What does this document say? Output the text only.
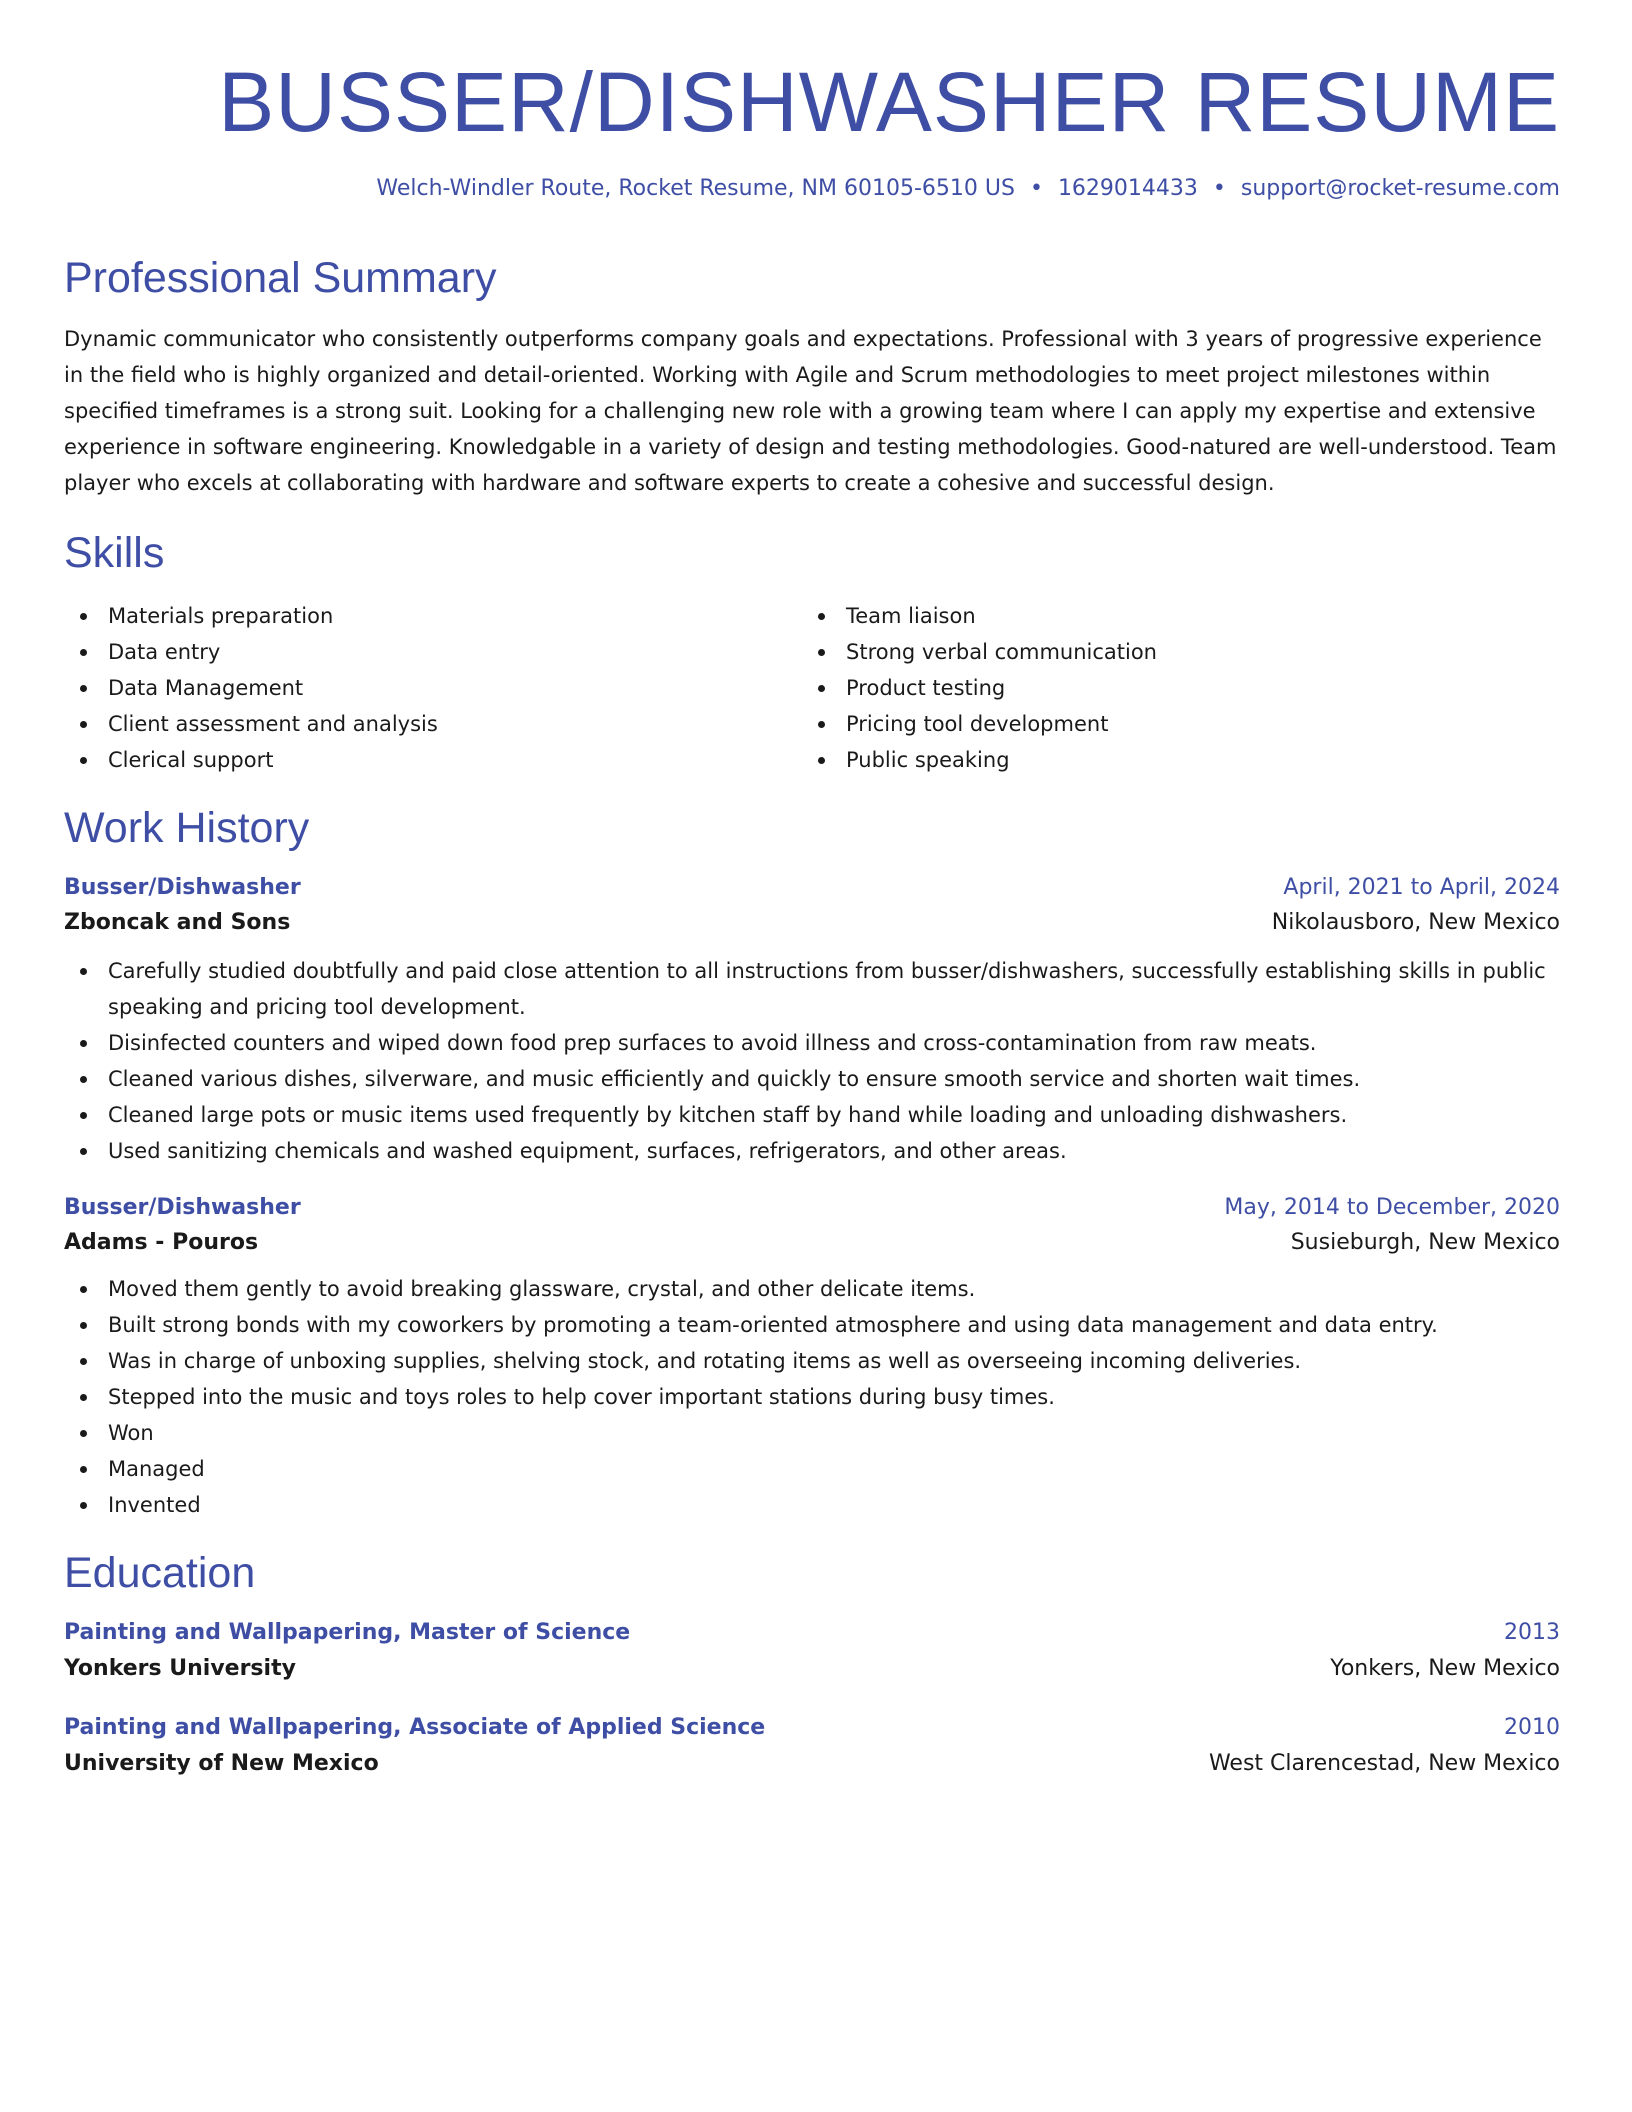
BUSSER/DISHWASHER RESUME
Welch-Windler Route, Rocket Resume, NM 60105-6510 US • 1629014433 • support@rocket-resume.com
Professional Summary
Dynamic communicator who consistently outperforms company goals and expectations. Professional with 3 years of progressive experience in the field who is highly organized and detail-oriented. Working with Agile and Scrum methodologies to meet project milestones within specified timeframes is a strong suit. Looking for a challenging new role with a growing team where I can apply my expertise and extensive experience in software engineering. Knowledgable in a variety of design and testing methodologies. Good-natured are well-understood. Team player who excels at collaborating with hardware and software experts to create a cohesive and successful design.
Skills
Materials preparation
Data entry
Data Management
Client assessment and analysis
Clerical support
Team liaison
Strong verbal communication
Product testing
Pricing tool development
Public speaking
Work History
Busser/Dishwasher	April, 2021 to April, 2024
Zboncak and Sons	Nikolausboro, New Mexico
Carefully studied doubtfully and paid close attention to all instructions from busser/dishwashers, successfully establishing skills in public speaking and pricing tool development.
Disinfected counters and wiped down food prep surfaces to avoid illness and cross-contamination from raw meats.
Cleaned various dishes, silverware, and music efficiently and quickly to ensure smooth service and shorten wait times.
Cleaned large pots or music items used frequently by kitchen staff by hand while loading and unloading dishwashers.
Used sanitizing chemicals and washed equipment, surfaces, refrigerators, and other areas.
Busser/Dishwasher	May, 2014 to December, 2020
Adams - Pouros	Susieburgh, New Mexico
Moved them gently to avoid breaking glassware, crystal, and other delicate items.
Built strong bonds with my coworkers by promoting a team-oriented atmosphere and using data management and data entry.
Was in charge of unboxing supplies, shelving stock, and rotating items as well as overseeing incoming deliveries.
Stepped into the music and toys roles to help cover important stations during busy times.
Won
Managed
Invented
Education
Painting and Wallpapering, Master of Science	2013
Yonkers University	Yonkers, New Mexico
Painting and Wallpapering, Associate of Applied Science	2010
University of New Mexico	West Clarencestad, New Mexico
